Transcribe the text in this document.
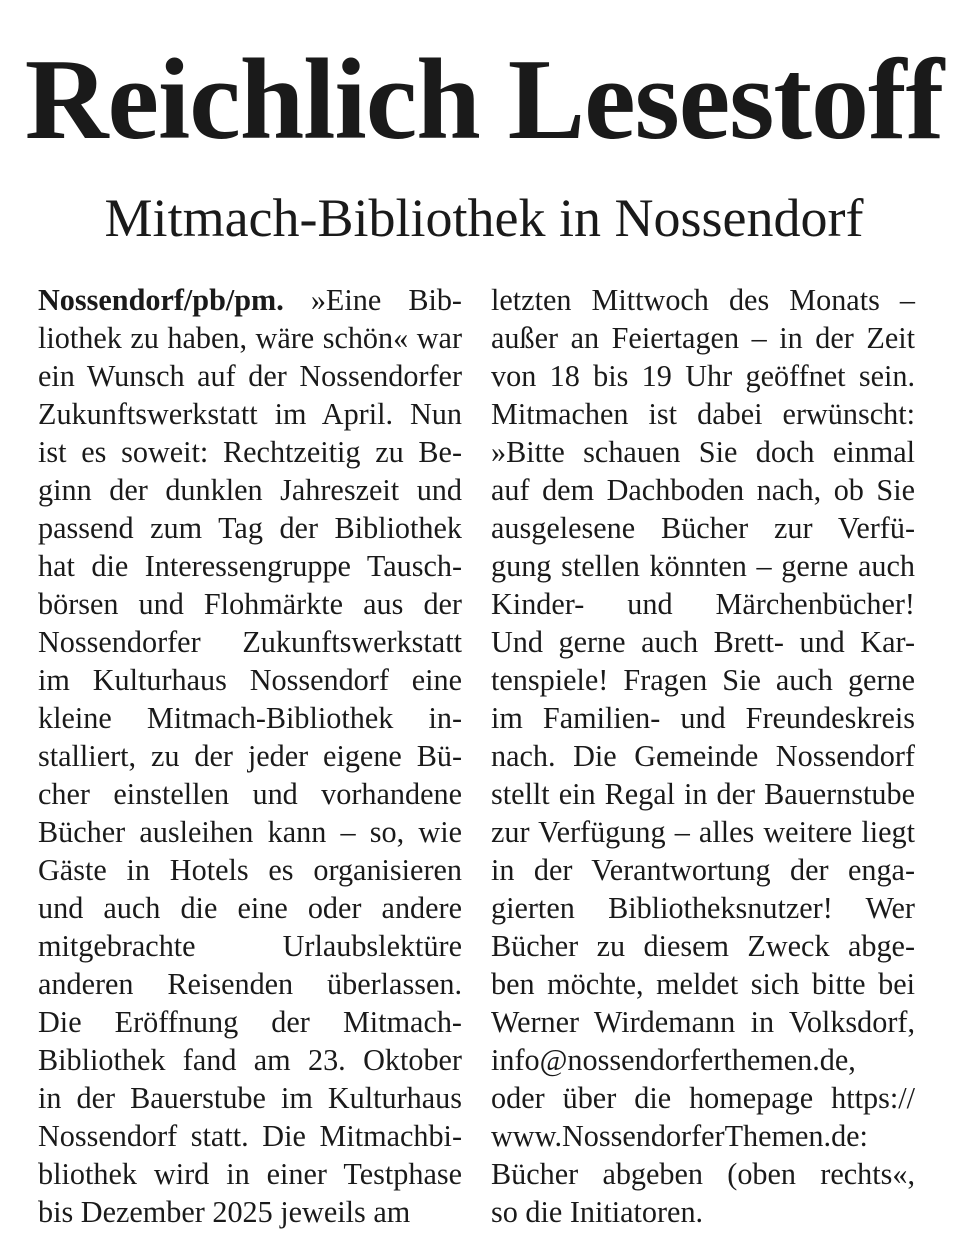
Reichlich Lesestoff
Mitmach-Bibliothek in Nossendorf
Nossendorf/pb/pm. »Eine Bib-
liothek zu haben, wäre schön« war
ein Wunsch auf der Nossendorfer
Zukunftswerkstatt im April. Nun
ist es soweit: Rechtzeitig zu Be-
ginn der dunklen Jahreszeit und
passend zum Tag der Bibliothek
hat die Interessengruppe Tausch-
börsen und Flohmärkte aus der
Nossendorfer Zukunftswerkstatt
im Kulturhaus Nossendorf eine
kleine Mitmach-Bibliothek in-
stalliert, zu der jeder eigene Bü-
cher einstellen und vorhandene
Bücher ausleihen kann – so, wie
Gäste in Hotels es organisieren
und auch die eine oder andere
mitgebrachte Urlaubslektüre
anderen Reisenden überlassen.
Die Eröffnung der Mitmach-
Bibliothek fand am 23. Oktober
in der Bauerstube im Kulturhaus
Nossendorf statt. Die Mitmachbi-
bliothek wird in einer Testphase
bis Dezember 2025 jeweils am
letzten Mittwoch des Monats –
außer an Feiertagen – in der Zeit
von 18 bis 19 Uhr geöffnet sein.
Mitmachen ist dabei erwünscht:
»Bitte schauen Sie doch einmal
auf dem Dachboden nach, ob Sie
ausgelesene Bücher zur Verfü-
gung stellen könnten – gerne auch
Kinder- und Märchenbücher!
Und gerne auch Brett- und Kar-
tenspiele! Fragen Sie auch gerne
im Familien- und Freundeskreis
nach. Die Gemeinde Nossendorf
stellt ein Regal in der Bauernstube
zur Verfügung – alles weitere liegt
in der Verantwortung der enga-
gierten Bibliotheksnutzer! Wer
Bücher zu diesem Zweck abge-
ben möchte, meldet sich bitte bei
Werner Wirdemann in Volksdorf,
info@nossendorferthemen.de,
oder über die homepage https://
www.NossendorferThemen.de:
Bücher abgeben (oben rechts«,
so die Initiatoren.
